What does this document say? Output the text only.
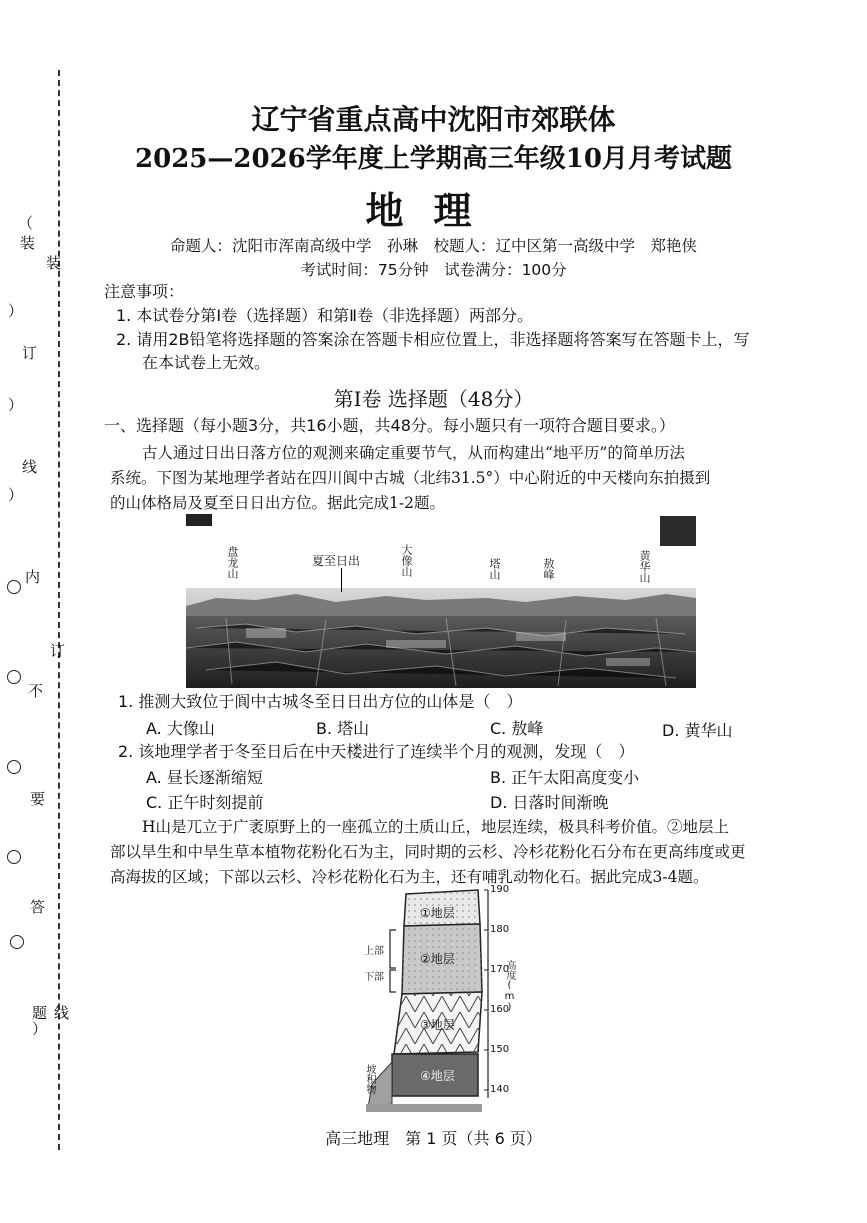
（
装
装
）
订
）
线
）
内
订
不
要
答
题 线
）
辽宁省重点高中沈阳市郊联体
2025—2026学年度上学期高三年级10月月考试题
地理
命题人：沈阳市浑南高级中学　孙琳　校题人：辽中区第一高级中学　郑艳侠
考试时间：75分钟　试卷满分：100分
注意事项：
1. 本试卷分第Ⅰ卷（选择题）和第Ⅱ卷（非选择题）两部分。
2. 请用2B铅笔将选择题的答案涂在答题卡相应位置上，非选择题将答案写在答题卡上，写
在本试卷上无效。
第Ⅰ卷 选择题（48分）
一、选择题（每小题3分，共16小题，共48分。每小题只有一项符合题目要求。）
古人通过日出日落方位的观测来确定重要节气，从而构建出“地平历”的简单历法
系统。下图为某地理学者站在四川阆中古城（北纬31.5°）中心附近的中天楼向东拍摄到
的山体格局及夏至日日出方位。据此完成1-2题。
盘龙山	夏至日出	大像山	塔山	敖峰	黄华山
1. 推测大致位于阆中古城冬至日日出方位的山体是（　）
A. 大像山	B. 塔山	C. 敖峰	D. 黄华山
2. 该地理学者于冬至日后在中天楼进行了连续半个月的观测，发现（　）
A. 昼长逐渐缩短	B. 正午太阳高度变小
C. 正午时刻提前	D. 日落时间渐晚
H山是兀立于广袤原野上的一座孤立的土质山丘，地层连续，极具科考价值。②地层上
部以旱生和中旱生草本植物花粉化石为主，同时期的云杉、冷杉花粉化石分布在更高纬度或更
高海拔的区域；下部以云杉、冷杉花粉化石为主，还有哺乳动物化石。据此完成3-4题。
①地层
②地层
③地层
④地层
上部
下部
坡积物
190
180
170
160
150
140
高度(m)
高三地理　第 1 页（共 6 页）
